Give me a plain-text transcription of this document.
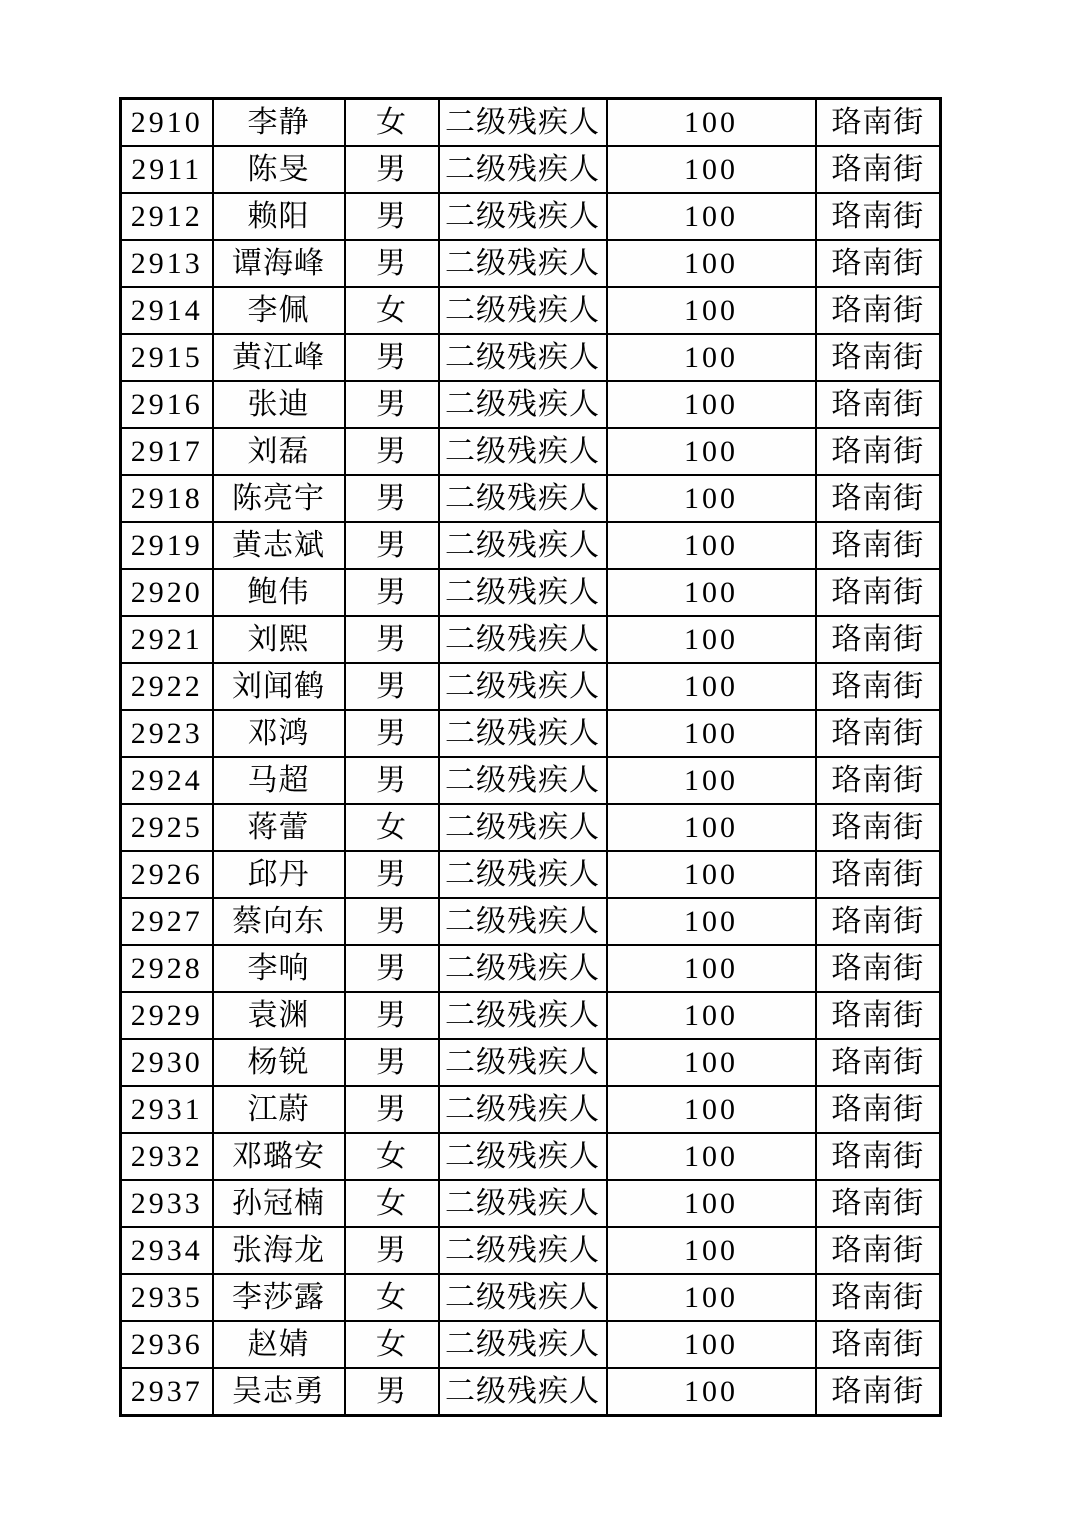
2910	李静	女	二级残疾人	100	珞南街
2911	陈旻	男	二级残疾人	100	珞南街
2912	赖阳	男	二级残疾人	100	珞南街
2913	谭海峰	男	二级残疾人	100	珞南街
2914	李佩	女	二级残疾人	100	珞南街
2915	黄江峰	男	二级残疾人	100	珞南街
2916	张迪	男	二级残疾人	100	珞南街
2917	刘磊	男	二级残疾人	100	珞南街
2918	陈亮宇	男	二级残疾人	100	珞南街
2919	黄志斌	男	二级残疾人	100	珞南街
2920	鲍伟	男	二级残疾人	100	珞南街
2921	刘熙	男	二级残疾人	100	珞南街
2922	刘闻鹤	男	二级残疾人	100	珞南街
2923	邓鸿	男	二级残疾人	100	珞南街
2924	马超	男	二级残疾人	100	珞南街
2925	蒋蕾	女	二级残疾人	100	珞南街
2926	邱丹	男	二级残疾人	100	珞南街
2927	蔡向东	男	二级残疾人	100	珞南街
2928	李响	男	二级残疾人	100	珞南街
2929	袁渊	男	二级残疾人	100	珞南街
2930	杨锐	男	二级残疾人	100	珞南街
2931	江蔚	男	二级残疾人	100	珞南街
2932	邓璐安	女	二级残疾人	100	珞南街
2933	孙冠楠	女	二级残疾人	100	珞南街
2934	张海龙	男	二级残疾人	100	珞南街
2935	李莎露	女	二级残疾人	100	珞南街
2936	赵婧	女	二级残疾人	100	珞南街
2937	吴志勇	男	二级残疾人	100	珞南街
